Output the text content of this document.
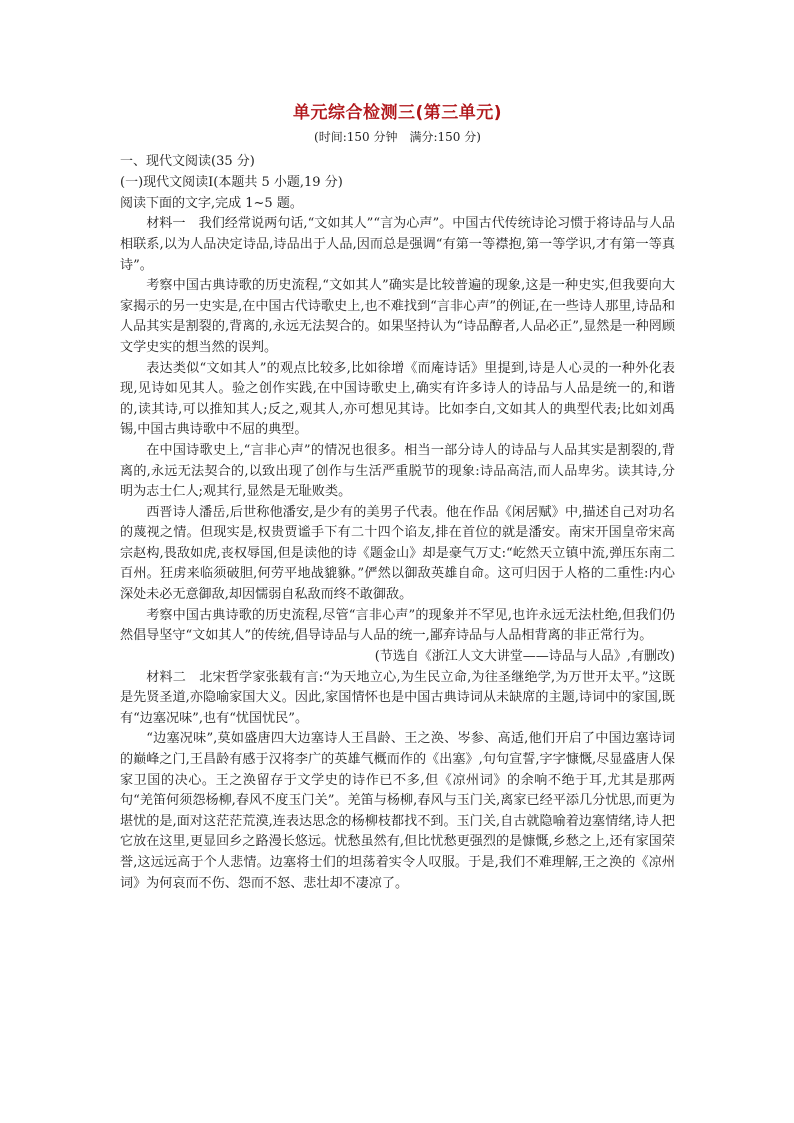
单元综合检测三(第三单元)
(时间:150 分钟　满分:150 分)
一、现代文阅读(35 分)
(一)现代文阅读Ⅰ(本题共 5 小题,19 分)
阅读下面的文字,完成 1~5 题。

材料一　我们经常说两句话,“文如其人”“言为心声”。中国古代传统诗论习惯于将诗品与人品相联系,以为人品决定诗品,诗品出于人品,因而总是强调“有第一等襟抱,第一等学识,才有第一等真诗”。

考察中国古典诗歌的历史流程,“文如其人”确实是比较普遍的现象,这是一种史实,但我要向大家揭示的另一史实是,在中国古代诗歌史上,也不难找到“言非心声”的例证,在一些诗人那里,诗品和人品其实是割裂的,背离的,永远无法契合的。如果坚持认为“诗品醇者,人品必正”,显然是一种罔顾文学史实的想当然的误判。

表达类似“文如其人”的观点比较多,比如徐增《而庵诗话》里提到,诗是人心灵的一种外化表现,见诗如见其人。验之创作实践,在中国诗歌史上,确实有许多诗人的诗品与人品是统一的,和谐的,读其诗,可以推知其人;反之,观其人,亦可想见其诗。比如李白,文如其人的典型代表;比如刘禹锡,中国古典诗歌中不屈的典型。

在中国诗歌史上,“言非心声”的情况也很多。相当一部分诗人的诗品与人品其实是割裂的,背离的,永远无法契合的,以致出现了创作与生活严重脱节的现象:诗品高洁,而人品卑劣。读其诗,分明为志士仁人;观其行,显然是无耻败类。

西晋诗人潘岳,后世称他潘安,是少有的美男子代表。他在作品《闲居赋》中,描述自己对功名的蔑视之情。但现实是,权贵贾谧手下有二十四个谄友,排在首位的就是潘安。南宋开国皇帝宋高宗赵构,畏敌如虎,丧权辱国,但是读他的诗《题金山》却是豪气万丈:“屹然天立镇中流,弹压东南二百州。狂虏来临须破胆,何劳平地战貔貅。”俨然以御敌英雄自命。这可归因于人格的二重性:内心深处未必无意御敌,却因懦弱自私敌而终不敢御敌。

考察中国古典诗歌的历史流程,尽管“言非心声”的现象并不罕见,也许永远无法杜绝,但我们仍然倡导坚守“文如其人”的传统,倡导诗品与人品的统一,鄙弃诗品与人品相背离的非正常行为。

(节选自《浙江人文大讲堂——诗品与人品》,有删改)

材料二　北宋哲学家张载有言:“为天地立心,为生民立命,为往圣继绝学,为万世开太平。”这既是先贤圣道,亦隐喻家国大义。因此,家国情怀也是中国古典诗词从未缺席的主题,诗词中的家国,既有“边塞况味”,也有“忧国忧民”。

“边塞况味”,莫如盛唐四大边塞诗人王昌龄、王之涣、岑参、高适,他们开启了中国边塞诗词的巅峰之门,王昌龄有感于汉将李广的英雄气概而作的《出塞》,句句宣誓,字字慷慨,尽显盛唐人保家卫国的决心。王之涣留存于文学史的诗作已不多,但《凉州词》的余响不绝于耳,尤其是那两句“羌笛何须怨杨柳,春风不度玉门关”。羌笛与杨柳,春风与玉门关,离家已经平添几分忧思,而更为堪忧的是,面对这茫茫荒漠,连表达思念的杨柳枝都找不到。玉门关,自古就隐喻着边塞情绪,诗人把它放在这里,更显回乡之路漫长悠远。忧愁虽然有,但比忧愁更强烈的是慷慨,乡愁之上,还有家国荣誉,这远远高于个人悲情。边塞将士们的坦荡着实令人叹服。于是,我们不难理解,王之涣的《凉州词》为何哀而不伤、怨而不怒、悲壮却不凄凉了。
